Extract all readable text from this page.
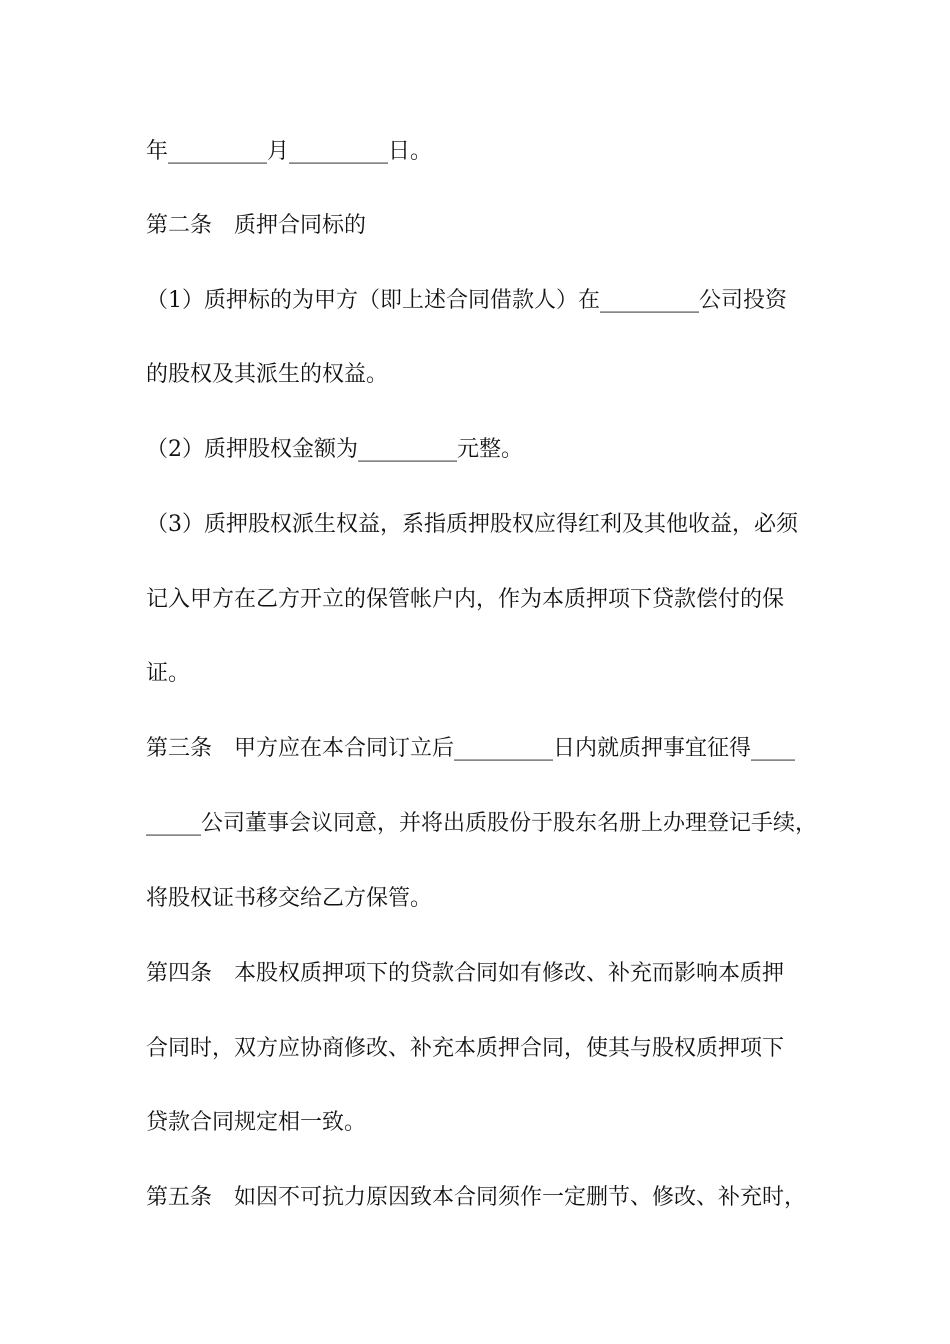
年_________月_________日。
第二条　质押合同标的
（1）质押标的为甲方（即上述合同借款人）在_________公司投资
的股权及其派生的权益。
（2）质押股权金额为_________元整。
（3）质押股权派生权益，系指质押股权应得红利及其他收益，必须
记入甲方在乙方开立的保管帐户内，作为本质押项下贷款偿付的保
证。
第三条　甲方应在本合同订立后_________日内就质押事宜征得____
_____公司董事会议同意，并将出质股份于股东名册上办理登记手续，
将股权证书移交给乙方保管。
第四条　本股权质押项下的贷款合同如有修改、补充而影响本质押
合同时，双方应协商修改、补充本质押合同，使其与股权质押项下
贷款合同规定相一致。
第五条　如因不可抗力原因致本合同须作一定删节、修改、补充时，
